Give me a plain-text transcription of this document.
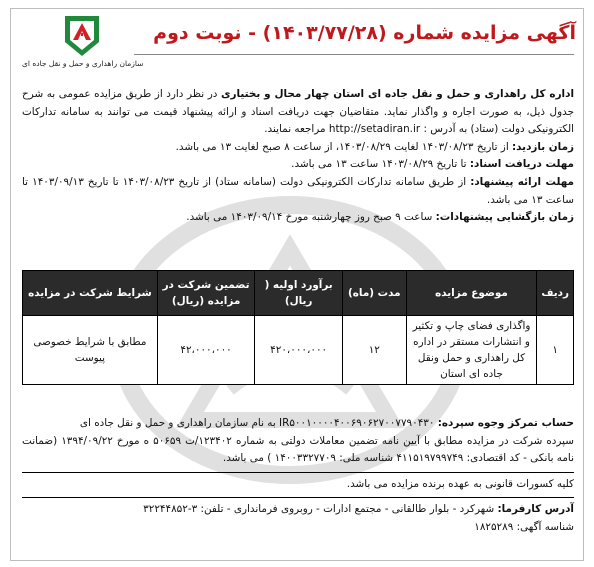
سازمان راهداری و حمل و نقل جاده ای
آگهی مزایده شماره (۱۴۰۳/۷۷/۲۸) - نوبت دوم

اداره کل راهداری و حمل و نقل جاده ای استان چهار محال و بختیاری در نظر دارد از طریق مزایده عمومی به شرح جدول ذیل، به صورت اجاره و واگذار نماید. متقاضیان جهت دریافت اسناد و ارائه پیشنهاد قیمت می توانند به سامانه تدارکات الکترونیکی دولت (ستاد) به آدرس : http://setadiran.ir مراجعه نمایند.

زمان بازدید: از تاریخ ۱۴۰۳/۰۸/۲۳ لغایت ۱۴۰۳/۰۸/۲۹، از ساعت ۸ صبح لغایت ۱۳ می باشد.

مهلت دریافت اسناد: تا تاریخ ۱۴۰۳/۰۸/۲۹ ساعت ۱۳ می باشد.

مهلت ارائه پیشنهاد: از طریق سامانه تدارکات الکترونیکی دولت (سامانه ستاد) از تاریخ ۱۴۰۳/۰۸/۲۳ تا تاریخ ۱۴۰۳/۰۹/۱۳ تا ساعت ۱۳ می باشد.

زمان بازگشایی پیشنهادات: ساعت ۹ صبح روز چهارشنبه مورخ ۱۴۰۳/۰۹/۱۴ می باشد.

ردیف	موضوع مزایده	مدت (ماه)	برآورد اولیه ( ریال)	تضمین شرکت در مزایده (ریال)	شرایط شرکت در مزایده
۱	واگذاری فضای چاپ و تکثیر و انتشارات مستقر در اداره کل راهداری و حمل ونقل جاده ای استان	۱۲	۴۲۰،۰۰۰،۰۰۰	۴۲،۰۰۰،۰۰۰	مطابق با شرایط خصوصی پیوست

حساب تمرکز وجوه سپرده: IR۵۰۰۱۰۰۰۰۴۰۰۶۹۰۶۲۷۰۰۷۷۹۰۴۳۰ به نام سازمان راهداری و حمل و نقل جاده ای

سپرده شرکت در مزایده مطابق با آیین نامه تضمین معاملات دولتی به شماره ۱۲۳۴۰۲/ت ۵۰۶۵۹ ه مورخ ۱۳۹۴/۰۹/۲۲ (ضمانت نامه بانکی - کد اقتصادی: ۴۱۱۵۱۹۷۹۹۷۴۹ شناسه ملی: ۱۴۰۰۳۳۲۷۷۰۹ ) می باشد.

کلیه کسورات قانونی به عهده برنده مزایده می باشد.

آدرس کارفرما: شهرکرد - بلوار طالقانی - مجتمع ادارات - روبروی فرمانداری - تلفن: ۳-۳۲۲۴۴۸۵۲

شناسه آگهی: ۱۸۲۵۲۸۹
